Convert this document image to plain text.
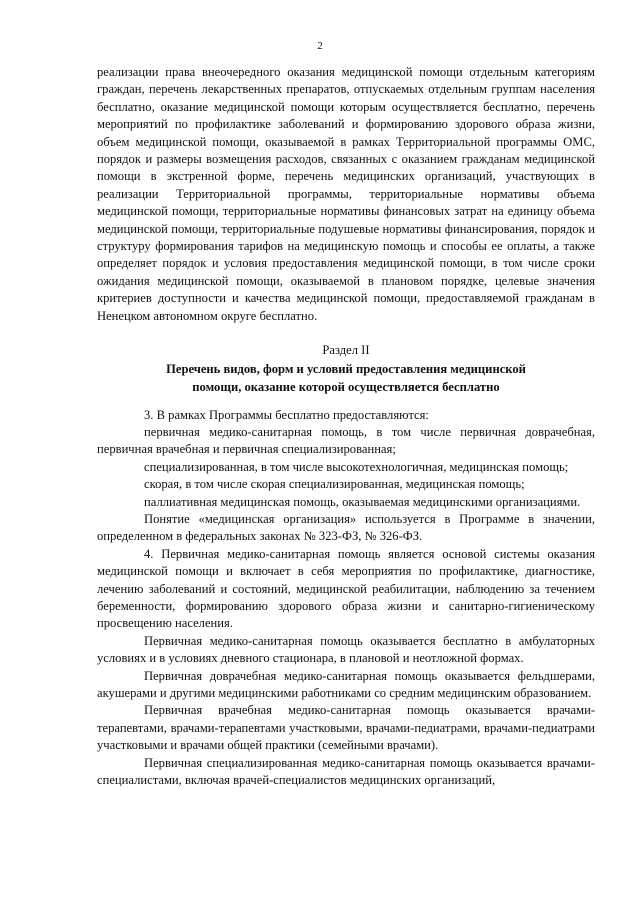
2

реализации права внеочередного оказания медицинской помощи отдельным категориям граждан, перечень лекарственных препаратов, отпускаемых отдельным группам населения бесплатно, оказание медицинской помощи которым осуществляется бесплатно, перечень мероприятий по профилактике заболеваний и формированию здорового образа жизни, объем медицинской помощи, оказываемой в рамках Территориальной программы ОМС, порядок и размеры возмещения расходов, связанных с оказанием гражданам медицинской помощи в экстренной форме, перечень медицинских организаций, участвующих в реализации Территориальной программы, территориальные нормативы объема медицинской помощи, территориальные нормативы финансовых затрат на единицу объема медицинской помощи, территориальные подушевые нормативы финансирования, порядок и структуру формирования тарифов на медицинскую помощь и способы ее оплаты, а также определяет порядок и условия предоставления медицинской помощи, в том числе сроки ожидания медицинской помощи, оказываемой в плановом порядке, целевые значения критериев доступности и качества медицинской помощи, предоставляемой гражданам в Ненецком автономном округе бесплатно.

Раздел II

Перечень видов, форм и условий предоставления медицинской
помощи, оказание которой осуществляется бесплатно

3. В рамках Программы бесплатно предоставляются:

первичная медико-санитарная помощь, в том числе первичная доврачебная, первичная врачебная и первичная специализированная;

специализированная, в том числе высокотехнологичная, медицинская помощь;

скорая, в том числе скорая специализированная, медицинская помощь;

паллиативная медицинская помощь, оказываемая медицинскими организациями.

Понятие «медицинская организация» используется в Программе в значении, определенном в федеральных законах № 323-ФЗ, № 326-ФЗ.

4. Первичная медико-санитарная помощь является основой системы оказания медицинской помощи и включает в себя мероприятия по профилактике, диагностике, лечению заболеваний и состояний, медицинской реабилитации, наблюдению за течением беременности, формированию здорового образа жизни и санитарно-гигиеническому просвещению населения.

Первичная медико-санитарная помощь оказывается бесплатно в амбулаторных условиях и в условиях дневного стационара, в плановой и неотложной формах.

Первичная доврачебная медико-санитарная помощь оказывается фельдшерами, акушерами и другими медицинскими работниками со средним медицинским образованием.

Первичная врачебная медико-санитарная помощь оказывается врачами-терапевтами, врачами-терапевтами участковыми, врачами-педиатрами, врачами-педиатрами участковыми и врачами общей практики (семейными врачами).

Первичная специализированная медико-санитарная помощь оказывается врачами-специалистами, включая врачей-специалистов медицинских организаций,
